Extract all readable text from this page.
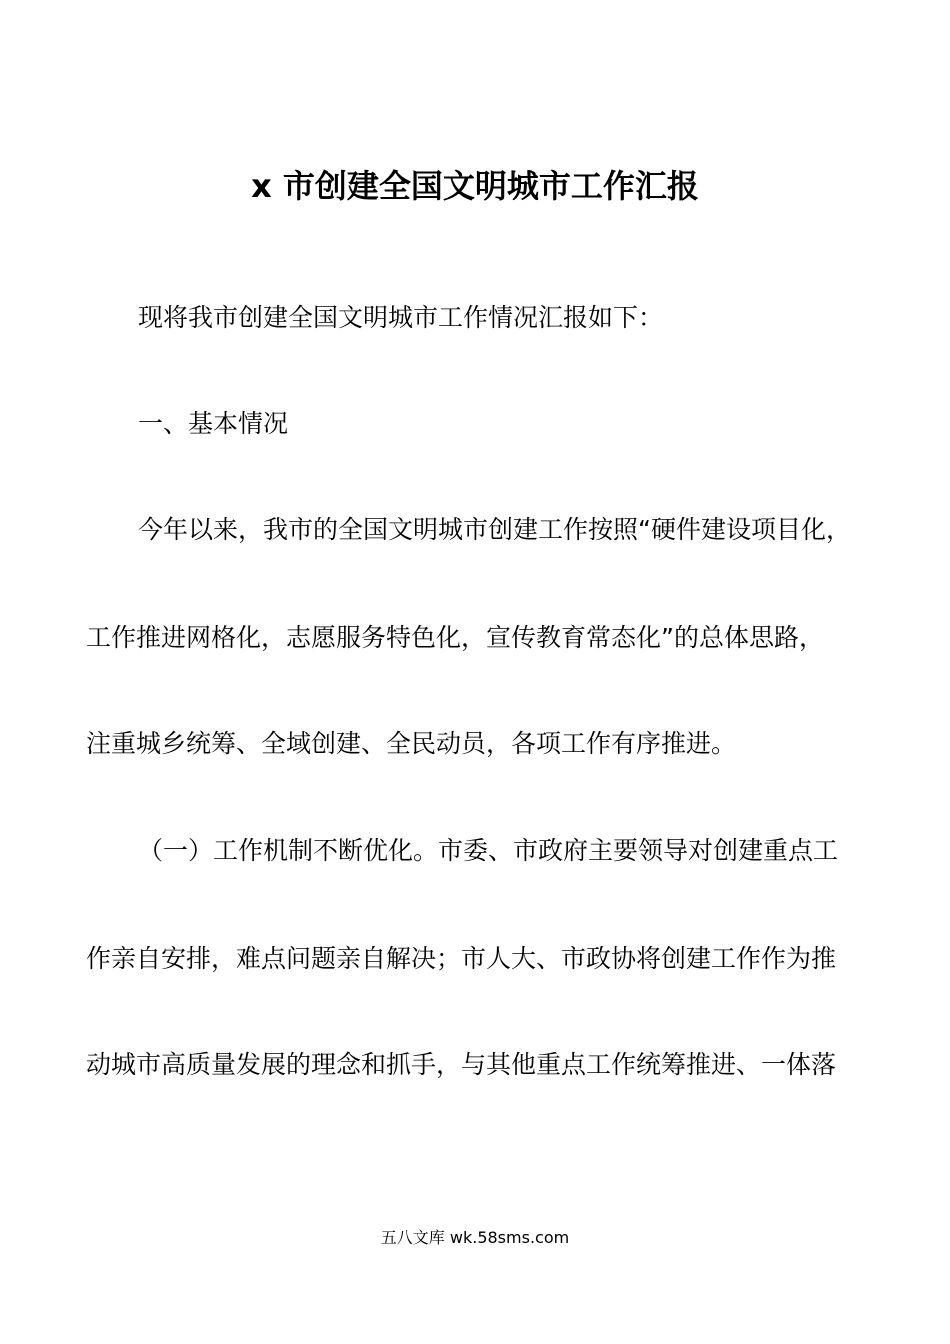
x 市创建全国文明城市工作汇报
现将我市创建全国文明城市工作情况汇报如下：
一、基本情况
今年以来，我市的全国文明城市创建工作按照“硬件建设项目化，
工作推进网格化，志愿服务特色化，宣传教育常态化”的总体思路，
注重城乡统筹、全域创建、全民动员，各项工作有序推进。
（一）工作机制不断优化。市委、市政府主要领导对创建重点工
作亲自安排，难点问题亲自解决；市人大、市政协将创建工作作为推
动城市高质量发展的理念和抓手，与其他重点工作统筹推进、一体落
五八文库 wk.58sms.com
